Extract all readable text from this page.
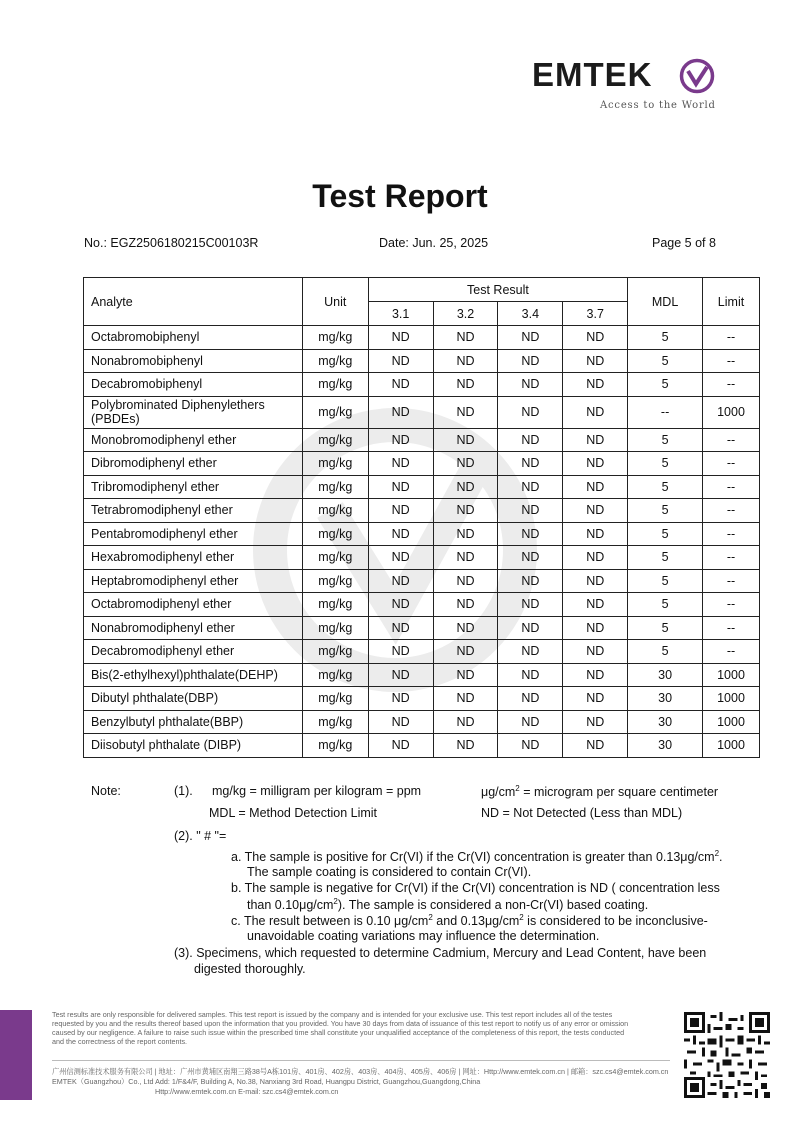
EMTEK
Access to the World
Test Report
No.: EGZ2506180215C00103R	Date: Jun. 25, 2025	Page 5 of 8
Analyte	Unit	Test Result				MDL	Limit
		3.1	3.2	3.4	3.7		
Octabromobiphenyl	mg/kg	ND	ND	ND	ND	5	--
Nonabromobiphenyl	mg/kg	ND	ND	ND	ND	5	--
Decabromobiphenyl	mg/kg	ND	ND	ND	ND	5	--
Polybrominated Diphenylethers (PBDEs)	mg/kg	ND	ND	ND	ND	--	1000
Monobromodiphenyl ether	mg/kg	ND	ND	ND	ND	5	--
Dibromodiphenyl ether	mg/kg	ND	ND	ND	ND	5	--
Tribromodiphenyl ether	mg/kg	ND	ND	ND	ND	5	--
Tetrabromodiphenyl ether	mg/kg	ND	ND	ND	ND	5	--
Pentabromodiphenyl ether	mg/kg	ND	ND	ND	ND	5	--
Hexabromodiphenyl ether	mg/kg	ND	ND	ND	ND	5	--
Heptabromodiphenyl ether	mg/kg	ND	ND	ND	ND	5	--
Octabromodiphenyl ether	mg/kg	ND	ND	ND	ND	5	--
Nonabromodiphenyl ether	mg/kg	ND	ND	ND	ND	5	--
Decabromodiphenyl ether	mg/kg	ND	ND	ND	ND	5	--
Bis(2-ethylhexyl)phthalate(DEHP)	mg/kg	ND	ND	ND	ND	30	1000
Dibutyl phthalate(DBP)	mg/kg	ND	ND	ND	ND	30	1000
Benzylbutyl phthalate(BBP)	mg/kg	ND	ND	ND	ND	30	1000
Diisobutyl phthalate (DIBP)	mg/kg	ND	ND	ND	ND	30	1000
Note:	(1). mg/kg = milligram per kilogram = ppm	$\mu g/cm^2$ = microgram per square centimeter
MDL = Method Detection Limit	ND = Not Detected (Less than MDL)
(2). " # "=
a. The sample is positive for Cr(VI) if the Cr(VI) concentration is greater than $0.13\mu g/cm^2$.
The sample coating is considered to contain Cr(VI).
b. The sample is negative for Cr(VI) if the Cr(VI) concentration is ND ( concentration less
than $0.10\mu g/cm^2$). The sample is considered a non-Cr(VI) based coating.
c. The result between is 0.10 $\mu g/cm^2$ and $0.13\mu g/cm^2$ is considered to be inconclusive-
unavoidable coating variations may influence the determination.
(3). Specimens, which requested to determine Cadmium, Mercury and Lead Content, have been
digested thoroughly.
Test results are only responsible for delivered samples. This test report is issued by the company and is intended for your exclusive use. This test report includes all of the testes
requested by you and the results thereof based upon the information that you provided. You have 30 days from data of issuance of this test report to notify us of any error or omission
caused by our negligence. A failure to raise such issue within the prescribed time shall constitute your unqualified acceptance of the completeness of this report, the tests conducted
and the correctness of the report contents.
广州信测标准技术服务有限公司 | 地址：广州市黄埔区南翔三路38号A栋101房、401房、402房、403房、404房、405房、406房 | 网址：Http://www.emtek.com.cn | 邮箱：szc.cs4@emtek.com.cn
EMTEK（Guangzhou）Co., Ltd Add: 1/F&4/F, Building A, No.38, Nanxiang 3rd Road, Huangpu District, Guangzhou,Guangdong,China
Http://www.emtek.com.cn E-mail: szc.cs4@emtek.com.cn
